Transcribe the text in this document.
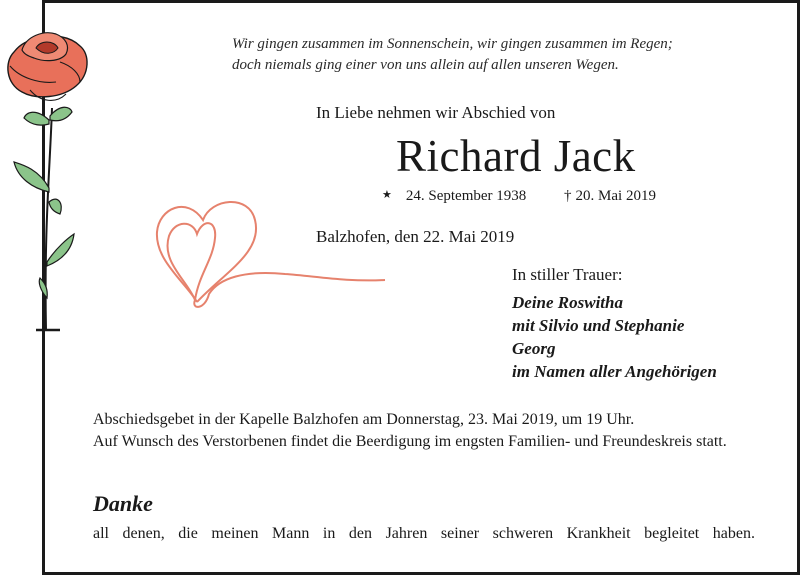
Wir gingen zusammen im Sonnenschein, wir gingen zusammen im Regen;
doch niemals ging einer von uns allein auf allen unseren Wegen.
In Liebe nehmen wir Abschied von
Richard Jack
★ 24. September 1938	† 20. Mai 2019
Balzhofen, den 22. Mai 2019
In stiller Trauer:
Deine Roswitha
mit Silvio und Stephanie
Georg
im Namen aller Angehörigen

Abschiedsgebet in der Kapelle Balzhofen am Donnerstag, 23. Mai 2019, um 19 Uhr.

Auf Wunsch des Verstorbenen findet die Beerdigung im engsten Familien- und Freundeskreis statt.

Danke
all denen, die meinen Mann in den Jahren seiner schweren Krankheit begleitet haben.
